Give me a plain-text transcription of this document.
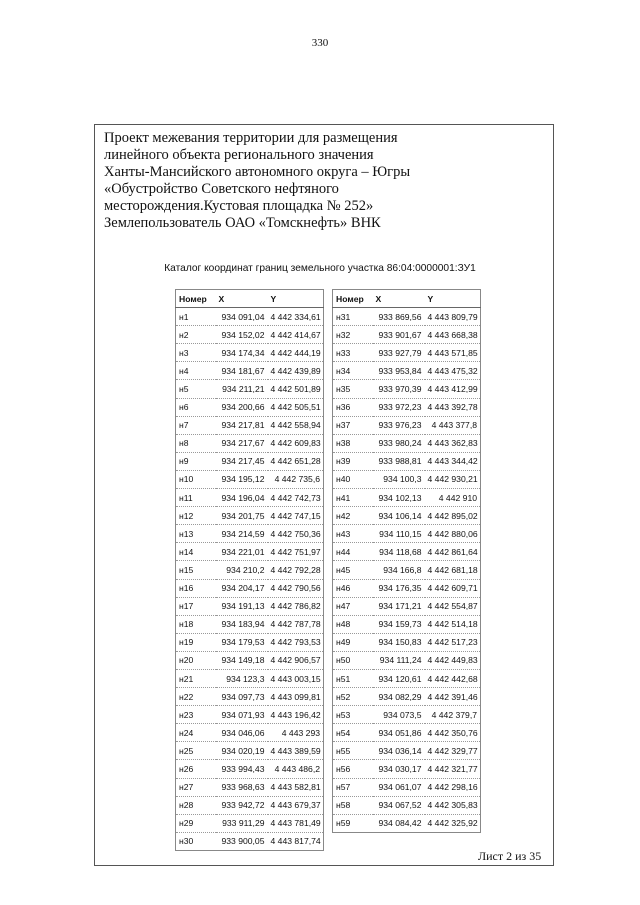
330
Проект межевания территории для размещения
линейного объекта регионального значения
Ханты-Мансийского автономного округа – Югры
«Обустройство Советского нефтяного
месторождения.Кустовая площадка № 252»
Землепользователь ОАО «Томскнефть» ВНК
Каталог координат границ земельного участка 86:04:0000001:ЗУ1
Номер	X	Y
н1	934 091,04	4 442 334,61
н2	934 152,02	4 442 414,67
н3	934 174,34	4 442 444,19
н4	934 181,67	4 442 439,89
н5	934 211,21	4 442 501,89
н6	934 200,66	4 442 505,51
н7	934 217,81	4 442 558,94
н8	934 217,67	4 442 609,83
н9	934 217,45	4 442 651,28
н10	934 195,12	4 442 735,6
н11	934 196,04	4 442 742,73
н12	934 201,75	4 442 747,15
н13	934 214,59	4 442 750,36
н14	934 221,01	4 442 751,97
н15	934 210,2	4 442 792,28
н16	934 204,17	4 442 790,56
н17	934 191,13	4 442 786,82
н18	934 183,94	4 442 787,78
н19	934 179,53	4 442 793,53
н20	934 149,18	4 442 906,57
н21	934 123,3	4 443 003,15
н22	934 097,73	4 443 099,81
н23	934 071,93	4 443 196,42
н24	934 046,06	4 443 293
н25	934 020,19	4 443 389,59
н26	933 994,43	4 443 486,2
н27	933 968,63	4 443 582,81
н28	933 942,72	4 443 679,37
н29	933 911,29	4 443 781,49
н30	933 900,05	4 443 817,74
Номер	X	Y
н31	933 869,56	4 443 809,79
н32	933 901,67	4 443 668,38
н33	933 927,79	4 443 571,85
н34	933 953,84	4 443 475,32
н35	933 970,39	4 443 412,99
н36	933 972,23	4 443 392,78
н37	933 976,23	4 443 377,8
н38	933 980,24	4 443 362,83
н39	933 988,81	4 443 344,42
н40	934 100,3	4 442 930,21
н41	934 102,13	4 442 910
н42	934 106,14	4 442 895,02
н43	934 110,15	4 442 880,06
н44	934 118,68	4 442 861,64
н45	934 166,8	4 442 681,18
н46	934 176,35	4 442 609,71
н47	934 171,21	4 442 554,87
н48	934 159,73	4 442 514,18
н49	934 150,83	4 442 517,23
н50	934 111,24	4 442 449,83
н51	934 120,61	4 442 442,68
н52	934 082,29	4 442 391,46
н53	934 073,5	4 442 379,7
н54	934 051,86	4 442 350,76
н55	934 036,14	4 442 329,77
н56	934 030,17	4 442 321,77
н57	934 061,07	4 442 298,16
н58	934 067,52	4 442 305,83
н59	934 084,42	4 442 325,92
Лист 2 из 35
